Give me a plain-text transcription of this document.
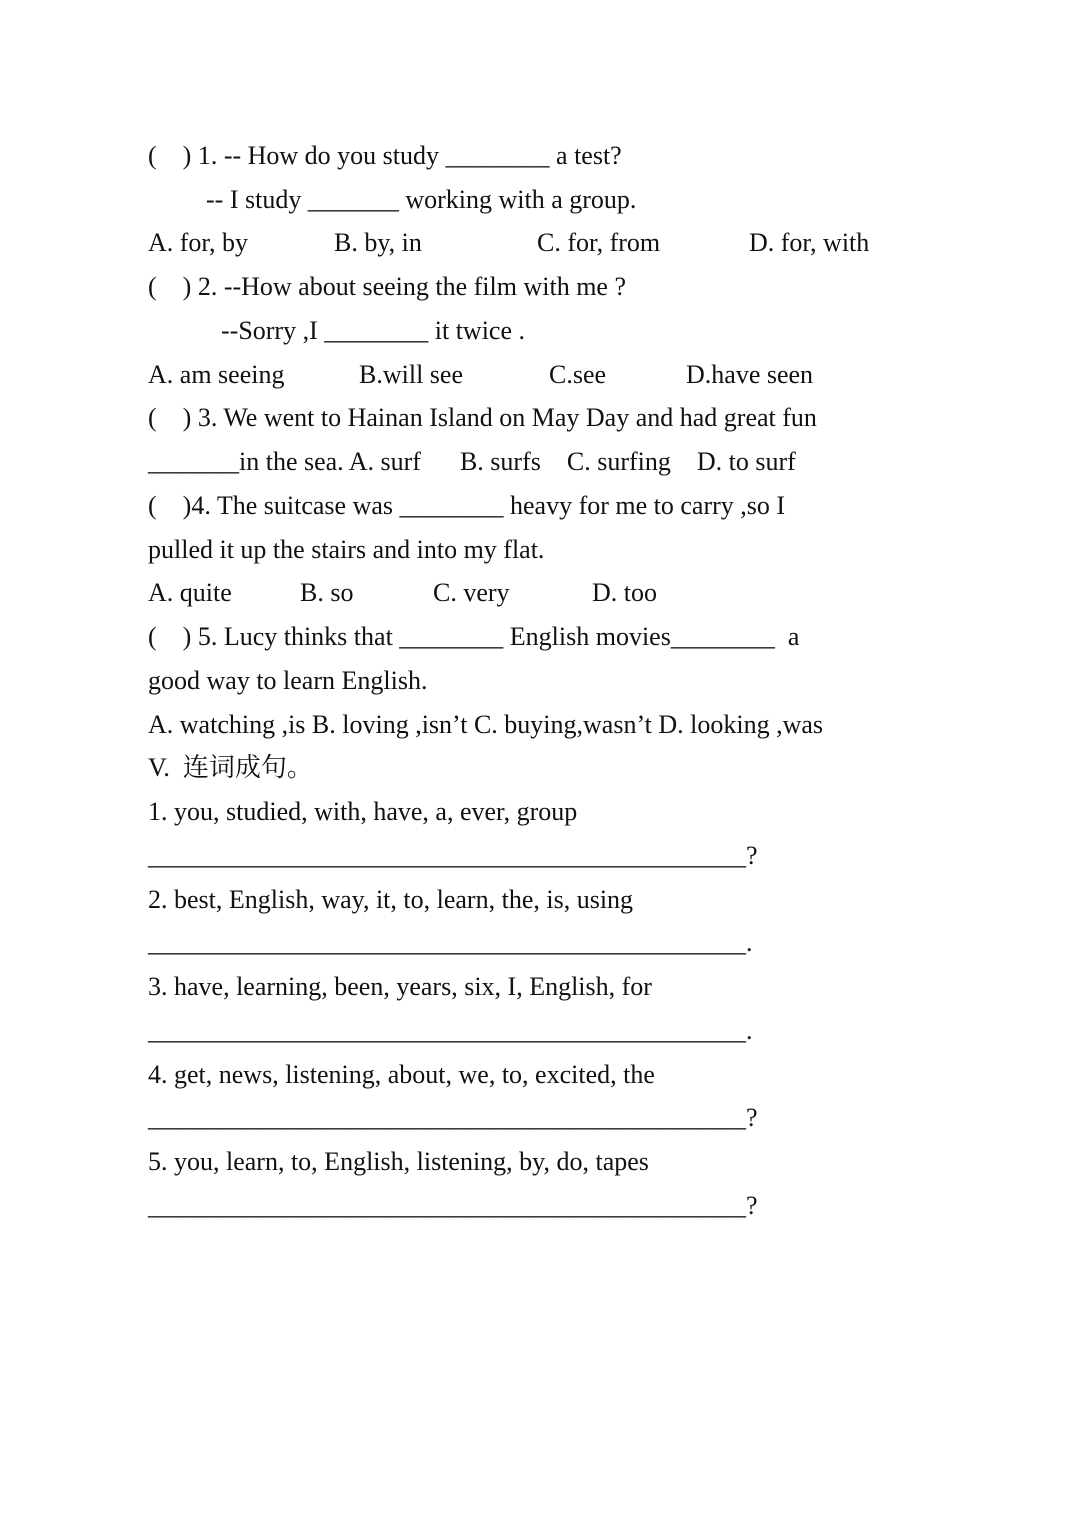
(    ) 1. -- How do you study ________ a test?
-- I study _______ working with a group.
A. for, by	B. by, in	C. for, from	D. for, with
(    ) 2. --How about seeing the film with me ?
--Sorry ,I ________ it twice .
A. am seeing	B.will see	C.see	D.have seen
(    ) 3. We went to Hainan Island on May Day and had great fun
_______in the sea. A. surf      B. surfs    C. surfing    D. to surf
(    )4. The suitcase was ________ heavy for me to carry ,so I
pulled it up the stairs and into my flat.
A. quite	B. so	C. very	D. too
(    ) 5. Lucy thinks that ________ English movies________  a
good way to learn English.
A. watching ,is B. loving ,isn’t C. buying,wasn’t D. looking ,was
V.  连词成句。
1. you, studied, with, have, a, ever, group
______________________________________________?
2. best, English, way, it, to, learn, the, is, using
______________________________________________.
3. have, learning, been, years, six, I, English, for
______________________________________________.
4. get, news, listening, about, we, to, excited, the
______________________________________________?
5. you, learn, to, English, listening, by, do, tapes
______________________________________________?
